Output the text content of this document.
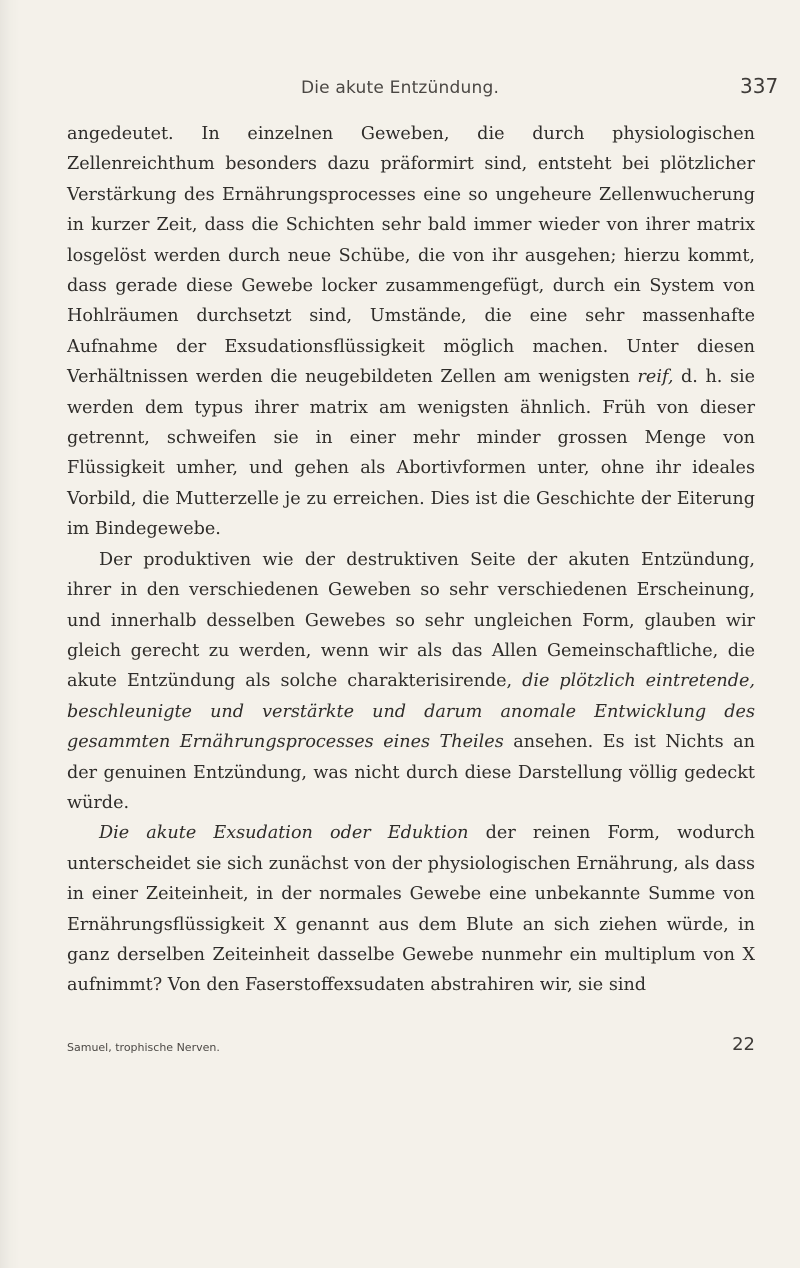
Die akute Entzündung.	337

angedeutet. In einzelnen Geweben, die durch physiologischen Zellenreichthum besonders dazu präformirt sind, entsteht bei plötzlicher Verstärkung des Ernährungsprocesses eine so ungeheure Zellenwucherung in kurzer Zeit, dass die Schichten sehr bald immer wieder von ihrer matrix losgelöst werden durch neue Schübe, die von ihr ausgehen; hierzu kommt, dass gerade diese Gewebe locker zusammengefügt, durch ein System von Hohlräumen durchsetzt sind, Umstände, die eine sehr massenhafte Aufnahme der Exsudationsflüssigkeit möglich machen. Unter diesen Verhältnissen werden die neugebildeten Zellen am wenigsten reif, d. h. sie werden dem typus ihrer matrix am wenigsten ähnlich. Früh von dieser getrennt, schweifen sie in einer mehr minder grossen Menge von Flüssigkeit umher, und gehen als Abortivformen unter, ohne ihr ideales Vorbild, die Mutterzelle je zu erreichen. Dies ist die Geschichte der Eiterung im Bindegewebe.

Der produktiven wie der destruktiven Seite der akuten Entzündung, ihrer in den verschiedenen Geweben so sehr verschiedenen Erscheinung, und innerhalb desselben Gewebes so sehr ungleichen Form, glauben wir gleich gerecht zu werden, wenn wir als das Allen Gemeinschaftliche, die akute Entzündung als solche charakterisirende, die plötzlich eintretende, beschleunigte und verstärkte und darum anomale Entwicklung des gesammten Ernährungsprocesses eines Theiles ansehen. Es ist Nichts an der genuinen Entzündung, was nicht durch diese Darstellung völlig gedeckt würde.

Die akute Exsudation oder Eduktion der reinen Form, wodurch unterscheidet sie sich zunächst von der physiologischen Ernährung, als dass in einer Zeiteinheit, in der normales Gewebe eine unbekannte Summe von Ernährungsflüssigkeit X genannt aus dem Blute an sich ziehen würde, in ganz derselben Zeiteinheit dasselbe Gewebe nunmehr ein multiplum von X aufnimmt? Von den Faserstoffexsudaten abstrahiren wir, sie sind

Samuel, trophische Nerven.	22
